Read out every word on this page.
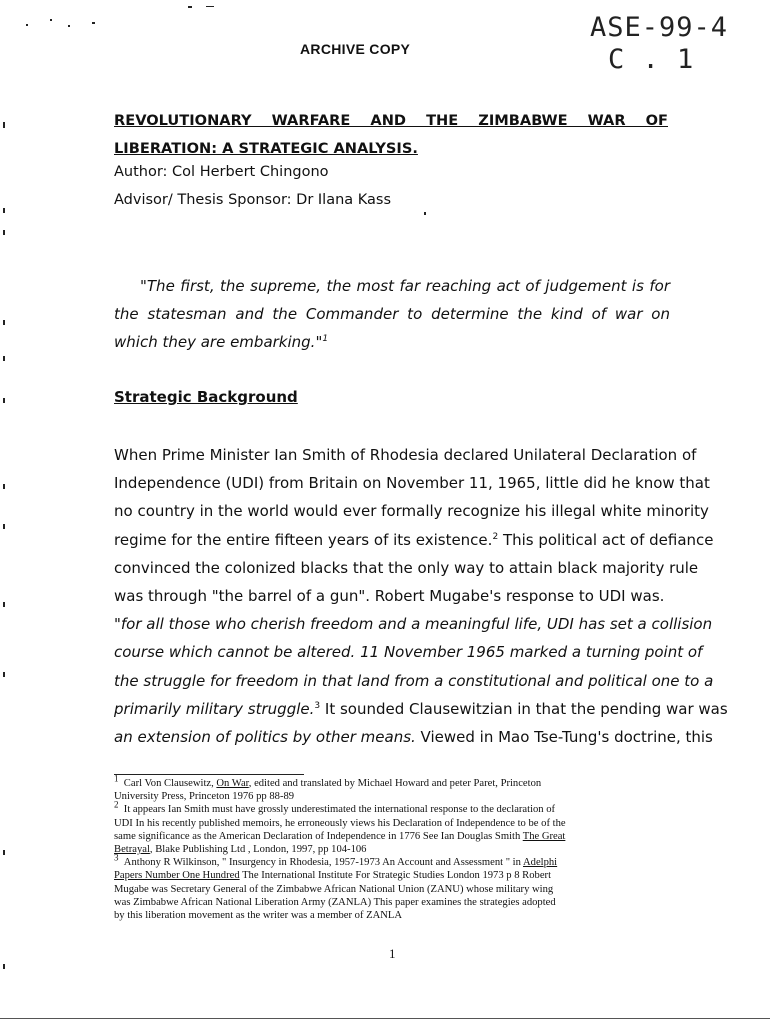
ASE-99-4
C . 1
ARCHIVE COPY
REVOLUTIONARY WARFARE AND THE ZIMBABWE WAR OF
LIBERATION: A STRATEGIC ANALYSIS.
Author: Col Herbert Chingono
Advisor/ Thesis Sponsor: Dr Ilana Kass
"The first, the supreme, the most far reaching act of judgement is for the statesman and the Commander to determine the kind of war on which they are embarking."$^1$
Strategic Background
When Prime Minister Ian Smith of Rhodesia declared Unilateral Declaration of
Independence (UDI) from Britain on November 11, 1965, little did he know that
no country in the world would ever formally recognize his illegal white minority
regime for the entire fifteen years of its existence.$^2$ This political act of defiance
convinced the colonized blacks that the only way to attain black majority rule
was through "the barrel of a gun". Robert Mugabe's response to UDI was.
"for all those who cherish freedom and a meaningful life, UDI has set a collision
course which cannot be altered. 11 November 1965 marked a turning point of
the struggle for freedom in that land from a constitutional and political one to a
primarily military struggle.$^3$ It sounded Clausewitzian in that the pending war was
an extension of politics by other means. Viewed in Mao Tse-Tung's doctrine, this
$^1$ Carl Von Clausewitz, On War, edited and translated by Michael Howard and peter Paret, Princeton
University Press, Princeton 1976 pp 88-89
$^2$ It appears Ian Smith must have grossly underestimated the international response to the declaration of
UDI In his recently published memoirs, he erroneously views his Declaration of Independence to be of the
same significance as the American Declaration of Independence in 1776 See Ian Douglas Smith The Great
Betrayal, Blake Publishing Ltd , London, 1997, pp 104-106
$^3$ Anthony R Wilkinson, " Insurgency in Rhodesia, 1957-1973 An Account and Assessment " in Adelphi
Papers Number One Hundred The International Institute For Strategic Studies London 1973 p 8 Robert
Mugabe was Secretary General of the Zimbabwe African National Union (ZANU) whose military wing
was Zimbabwe African National Liberation Army (ZANLA) This paper examines the strategies adopted
by this liberation movement as the writer was a member of ZANLA
1
